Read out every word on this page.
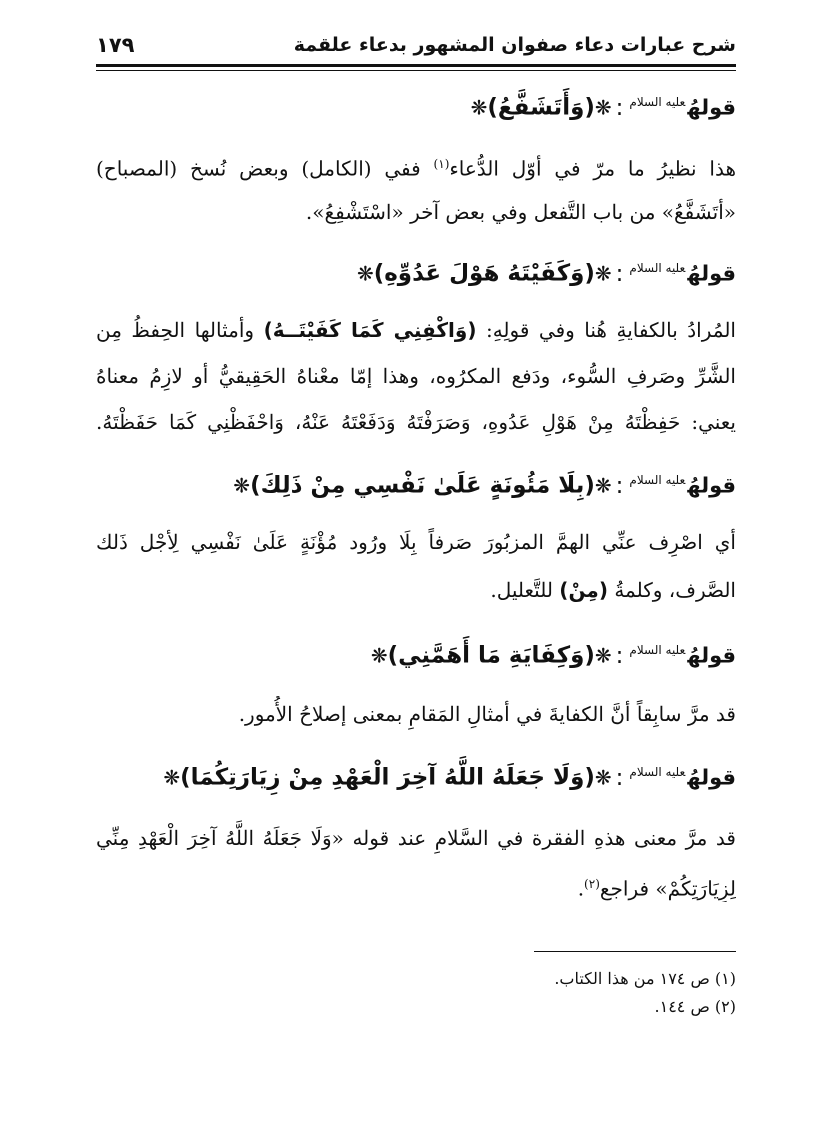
شرح عبارات دعاء صفوان المشهور بدعاء علقمة
١٧٩
قولهُ$^{عليه السلام}$:❋(وَأَتَشَفَّعُ)❋
هذا نظيرُ ما مرّ في أوّل الدُّعاء$^{(١)}$ ففي (الكامل) وبعض نُسخِ (المصباح)
«أتَشَفَّعُ» من باب التَّفعل وفي بعض آخر «اسْتَشْفِعُ».
قولهُ$^{عليه السلام}$:❋(وَكَفَيْتَهُ هَوْلَ عَدُوِّهِ)❋
المُرادُ بالكفايةِ هُنا وفي قولِهِ: (وَاكْفِنِي كَمَا كَفَيْتَــهُ) وأمثالها الحِفظُ مِن
الشَّرِّ وصَرفِ السُّوء، ودَفع المكرُوه، وهذا إمّا معْناهُ الحَقِيقيُّ أو لازِمُ معناهُ
يعني: حَفِظْتَهُ مِنْ هَوْلِ عَدُوهِ، وَصَرَفْتَهُ وَدَفَعْتَهُ عَنْهُ، وَاحْفَظْنِي كَمَا حَفَظْتَهُ.
قولهُ$^{عليه السلام}$:❋(بِلَا مَئُونَةٍ عَلَىٰ نَفْسِي مِنْ ذَلِكَ)❋
أي اصْرِف عنِّي الهمَّ المزبُورَ صَرفاً بِلَا ورُود مُؤْنَةٍ عَلَىٰ نَفْسِي لِأجْل ذَلك
الصَّرف، وكلمةُ (مِنْ) للتَّعليل.
قولهُ$^{عليه السلام}$:❋(وَكِفَايَةِ مَا أَهَمَّنِي)❋
قد مرَّ سابِقاً أنَّ الكفايةَ في أمثالِ المَقامِ بمعنى إصلاحُ الأُمور.
قولهُ$^{عليه السلام}$:❋(وَلَا جَعَلَهُ اللَّهُ آخِرَ الْعَهْدِ مِنْ زِيَارَتِكُمَا)❋
قد مرَّ معنى هذهِ الفقرة في السَّلامِ عند قوله «وَلَا جَعَلَهُ اللَّهُ آخِرَ الْعَهْدِ مِنِّي
لِزِيَارَتِكُمْ» فراجع$^{(٢)}$.
(١) ص ١٧٤ من هذا الكتاب.
(٢) ص ١٤٤.
